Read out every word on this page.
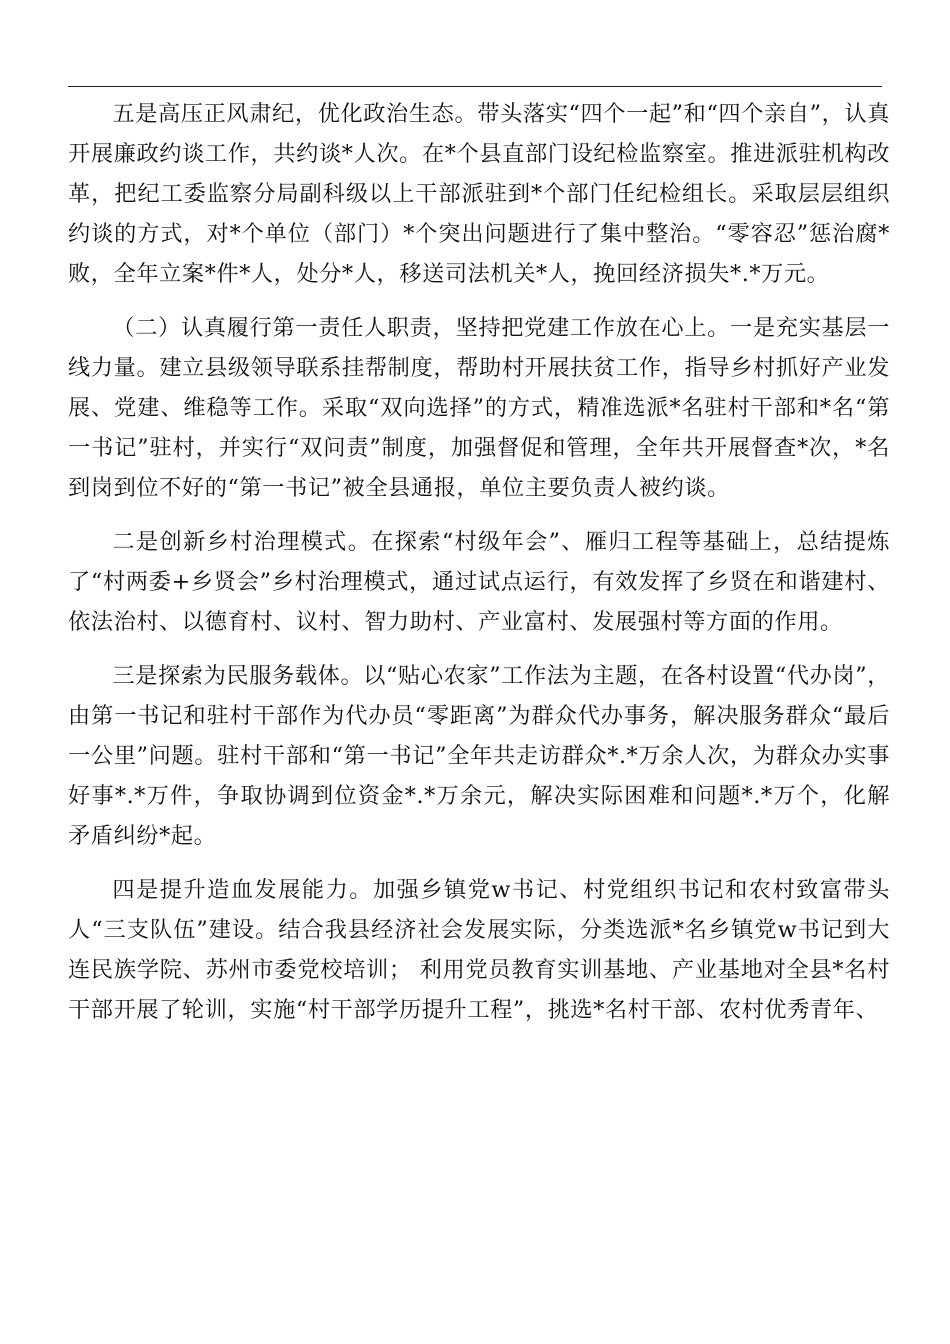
五是高压正风肃纪，优化政治生态。带头落实“四个一起”和“四个亲自”，认真开展廉政约谈工作，共约谈*人次。在*个县直部门设纪检监察室。推进派驻机构改革，把纪工委监察分局副科级以上干部派驻到*个部门任纪检组长。采取层层组织约谈的方式，对*个单位（部门）*个突出问题进行了集中整治。“零容忍”惩治腐*败，全年立案*件*人，处分*人，移送司法机关*人，挽回经济损失*.*万元。

（二）认真履行第一责任人职责，坚持把党建工作放在心上。一是充实基层一线力量。建立县级领导联系挂帮制度，帮助村开展扶贫工作，指导乡村抓好产业发展、党建、维稳等工作。采取“双向选择”的方式，精准选派*名驻村干部和*名“第一书记”驻村，并实行“双问责”制度，加强督促和管理，全年共开展督查*次，*名到岗到位不好的“第一书记”被全县通报，单位主要负责人被约谈。

二是创新乡村治理模式。在探索“村级年会”、雁归工程等基础上，总结提炼了“村两委+乡贤会”乡村治理模式，通过试点运行，有效发挥了乡贤在和谐建村、依法治村、以德育村、议村、智力助村、产业富村、发展强村等方面的作用。

三是探索为民服务载体。以“贴心农家”工作法为主题，在各村设置“代办岗”，由第一书记和驻村干部作为代办员“零距离”为群众代办事务，解决服务群众“最后一公里”问题。驻村干部和“第一书记”全年共走访群众*.*万余人次，为群众办实事好事*.*万件，争取协调到位资金*.*万余元，解决实际困难和问题*.*万个，化解矛盾纠纷*起。

四是提升造血发展能力。加强乡镇党w书记、村党组织书记和农村致富带头人“三支队伍”建设。结合我县经济社会发展实际，分类选派*名乡镇党w书记到大连民族学院、苏州市委党校培训； 利用党员教育实训基地、产业基地对全县*名村干部开展了轮训，实施“村干部学历提升工程”，挑选*名村干部、农村优秀青年、
